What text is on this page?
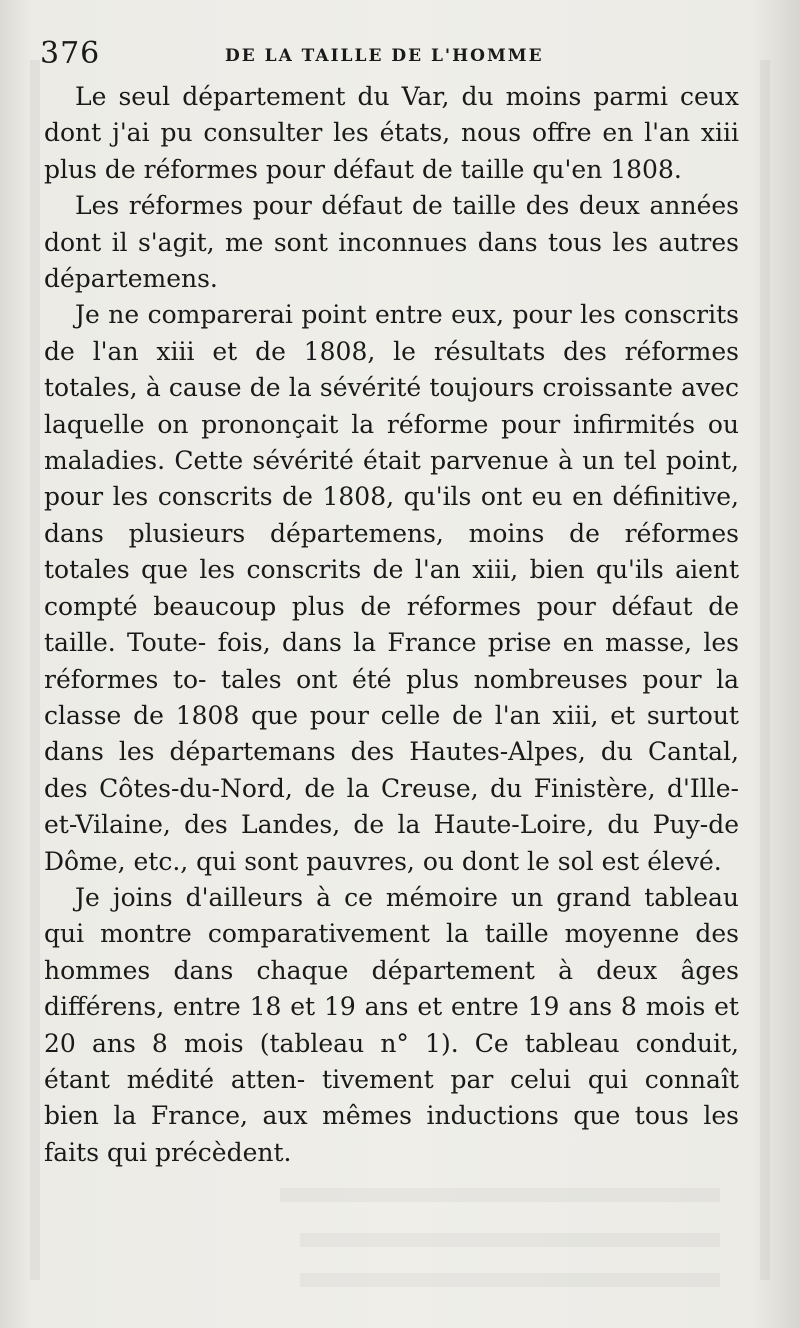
376	DE LA TAILLE DE L'HOMME

Le seul département du Var, du moins parmi ceux dont j'ai pu consulter les états, nous offre en l'an xiii plus de réformes pour défaut de taille qu'en 1808.

Les réformes pour défaut de taille des deux années dont il s'agit, me sont inconnues dans tous les autres départemens.

Je ne comparerai point entre eux, pour les conscrits de l'an xiii et de 1808, le résultats des réformes totales, à cause de la sévérité toujours croissante avec laquelle on prononçait la réforme pour infirmités ou maladies. Cette sévérité était parvenue à un tel point, pour les conscrits de 1808, qu'ils ont eu en définitive, dans plusieurs départemens, moins de réformes totales que les conscrits de l'an xiii, bien qu'ils aient compté beaucoup plus de réformes pour défaut de taille. Toute- fois, dans la France prise en masse, les réformes to- tales ont été plus nombreuses pour la classe de 1808 que pour celle de l'an xiii, et surtout dans les départemans des Hautes-Alpes, du Cantal, des Côtes-du-Nord, de la Creuse, du Finistère, d'Ille-et-Vilaine, des Landes, de la Haute-Loire, du Puy-de Dôme, etc., qui sont pauvres, ou dont le sol est élevé.

Je joins d'ailleurs à ce mémoire un grand tableau qui montre comparativement la taille moyenne des hommes dans chaque département à deux âges différens, entre 18 et 19 ans et entre 19 ans 8 mois et 20 ans 8 mois (tableau n° 1). Ce tableau conduit, étant médité atten- tivement par celui qui connaît bien la France, aux mêmes inductions que tous les faits qui précèdent.
